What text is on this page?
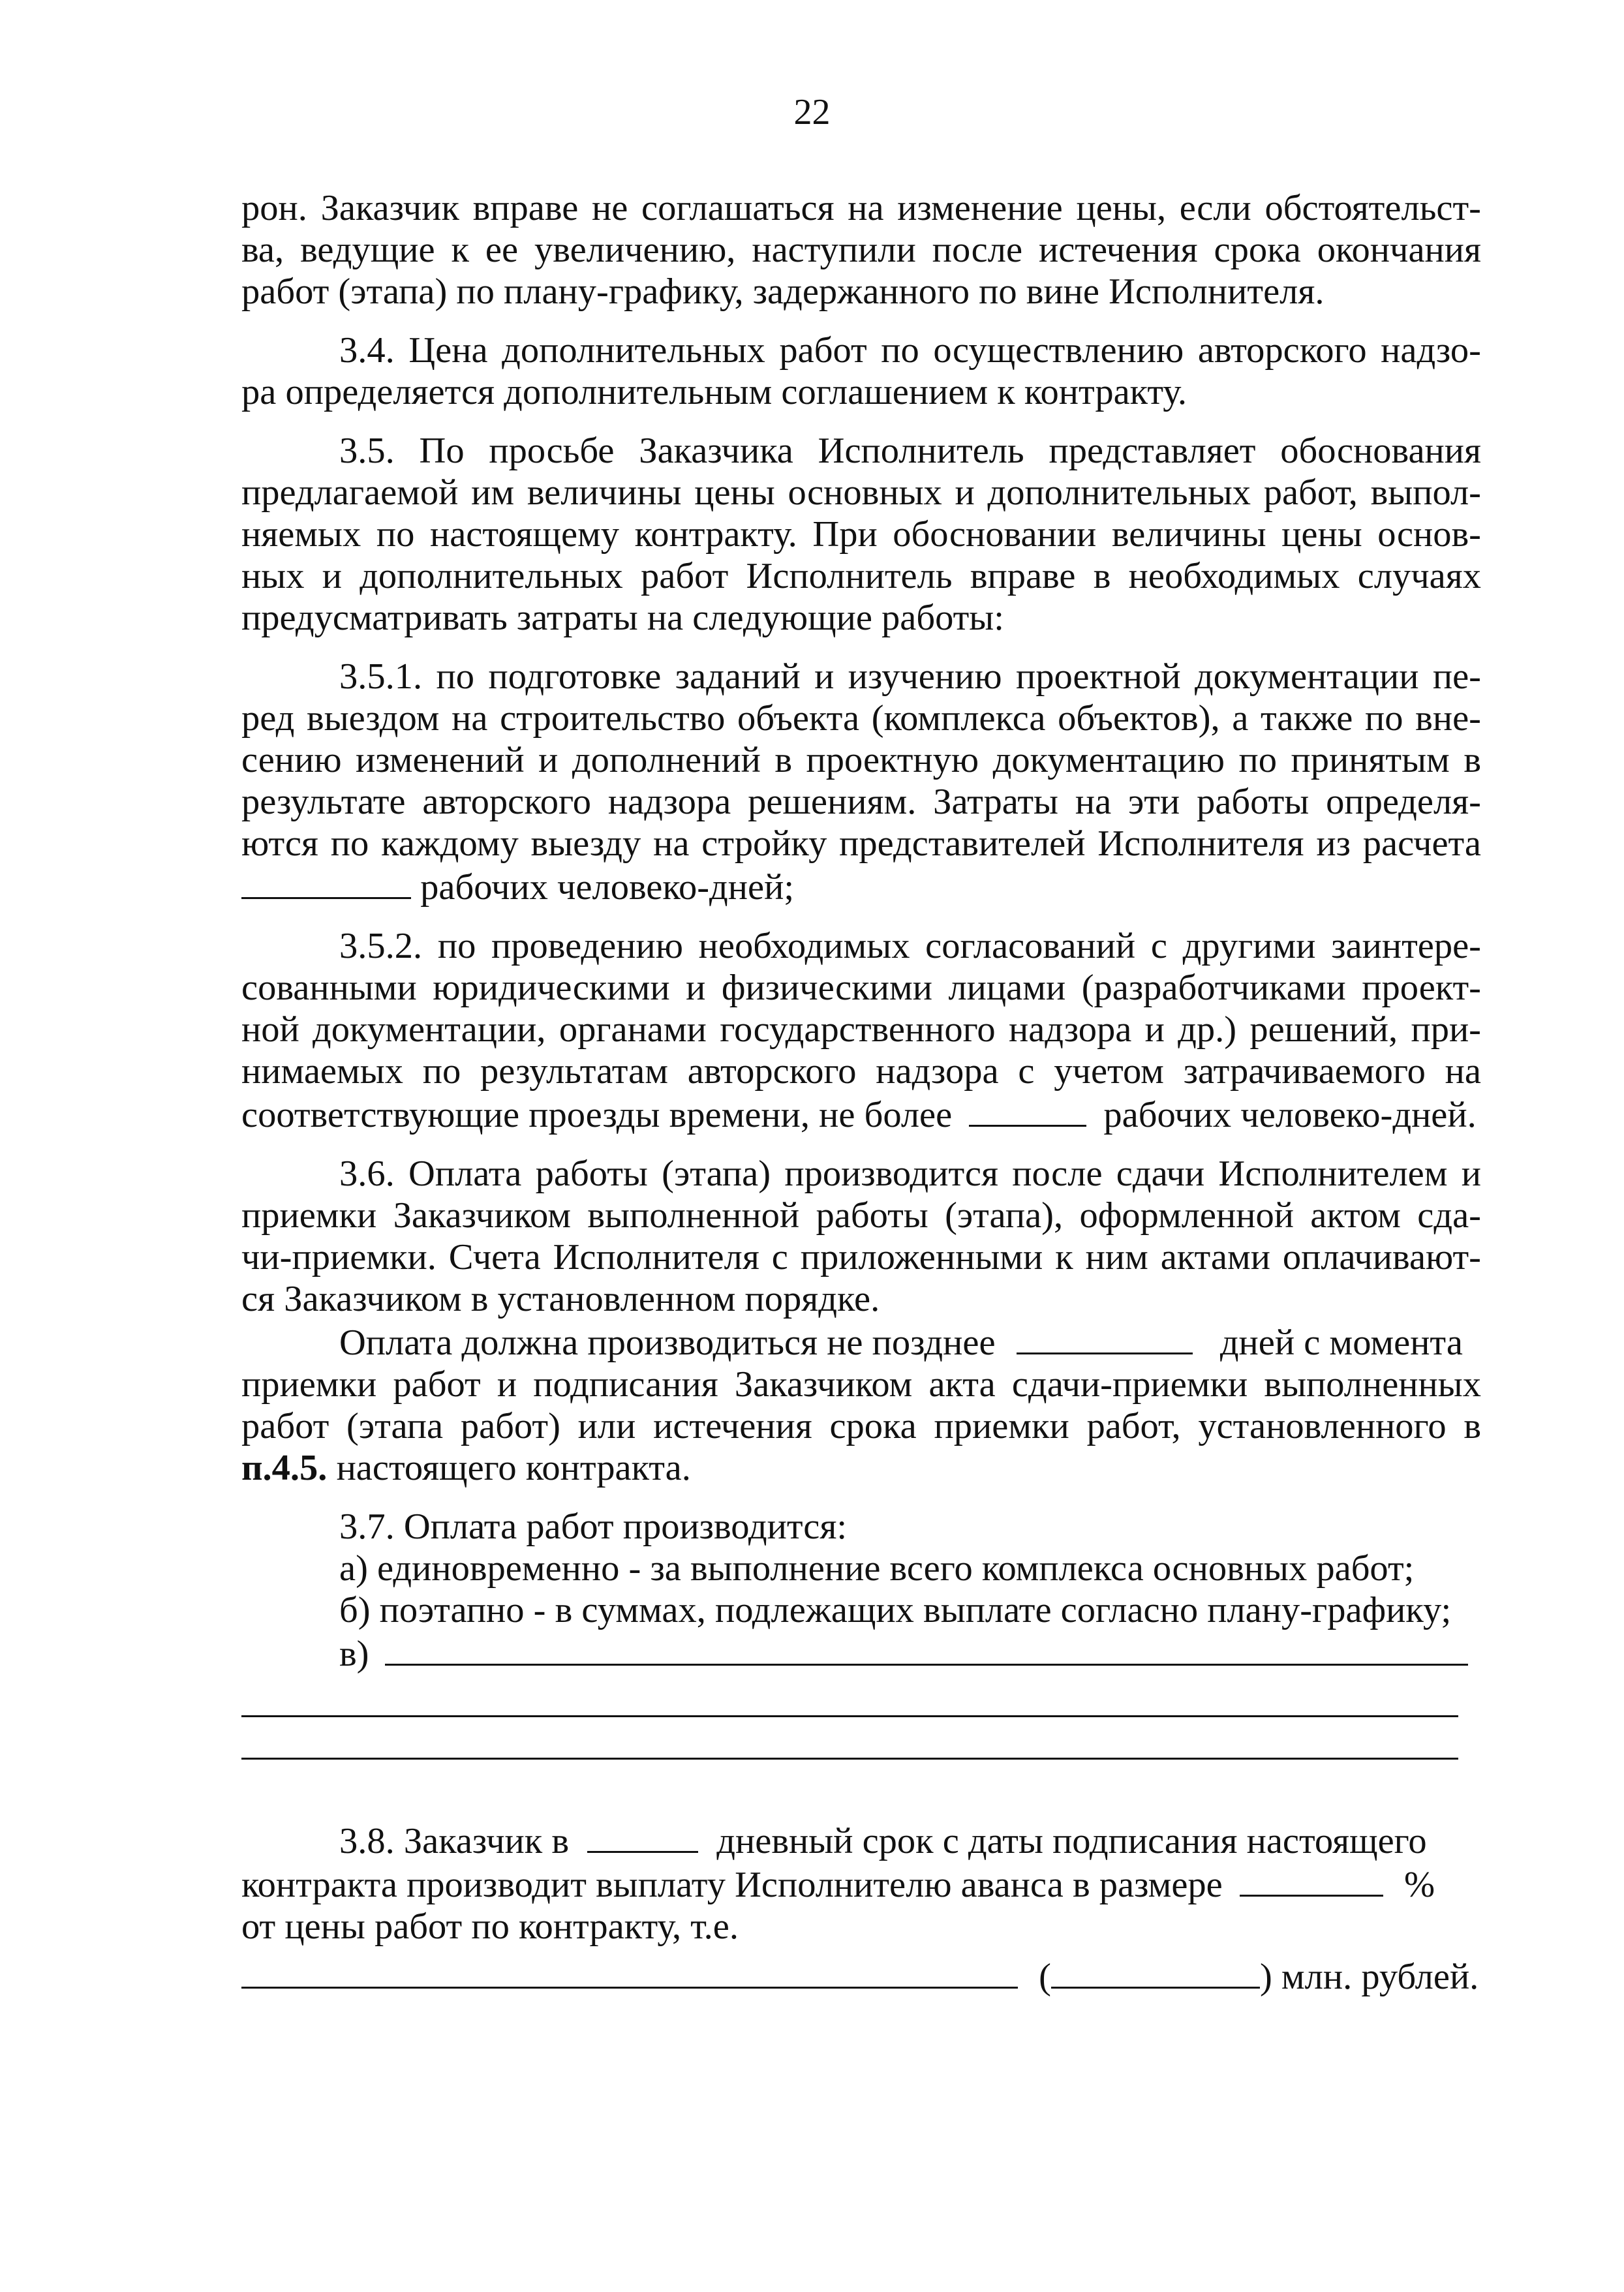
22
рон. Заказчик вправе не соглашаться на изменение цены, если обстоятельст-
ва, ведущие к ее увеличению, наступили после истечения срока окончания
работ (этапа) по плану-графику, задержанного по вине Исполнителя.
3.4. Цена дополнительных работ по осуществлению авторского надзо-
ра определяется дополнительным соглашением к контракту.
3.5. По просьбе Заказчика Исполнитель представляет обоснования
предлагаемой им величины цены основных и дополнительных работ, выпол-
няемых по настоящему контракту. При обосновании величины цены основ-
ных и дополнительных работ Исполнитель вправе в необходимых случаях
предусматривать затраты на следующие работы:
3.5.1. по подготовке заданий и изучению проектной документации пе-
ред выездом на строительство объекта (комплекса объектов), а также по вне-
сению изменений и дополнений в проектную документацию по принятым в
результате авторского надзора решениям. Затраты на эти работы определя-
ются по каждому выезду на стройку представителей Исполнителя из расчета
рабочих человеко-дней;
3.5.2. по проведению необходимых согласований с другими заинтере-
сованными юридическими и физическими лицами (разработчиками проект-
ной документации, органами государственного надзора и др.) решений, при-
нимаемых по результатам авторского надзора с учетом затрачиваемого на
соответствующие проезды времени, не более	рабочих человеко-дней.
3.6. Оплата работы (этапа) производится после сдачи Исполнителем и
приемки Заказчиком выполненной работы (этапа), оформленной актом сда-
чи-приемки. Счета Исполнителя с приложенными к ним актами оплачивают-
ся Заказчиком в установленном порядке.
Оплата должна производиться не позднее	дней с момента
приемки работ и подписания Заказчиком акта сдачи-приемки выполненных
работ (этапа работ) или истечения срока приемки работ, установленного в
п.4.5. настоящего контракта.
3.7. Оплата работ производится:
а) единовременно - за выполнение всего комплекса основных работ;
б) поэтапно - в суммах, подлежащих выплате согласно плану-графику;
в)
3.8. Заказчик в	дневный срок с даты подписания настоящего
контракта производит выплату Исполнителю аванса в размере	%
от цены работ по контракту, т.е.
(	) млн. рублей.
